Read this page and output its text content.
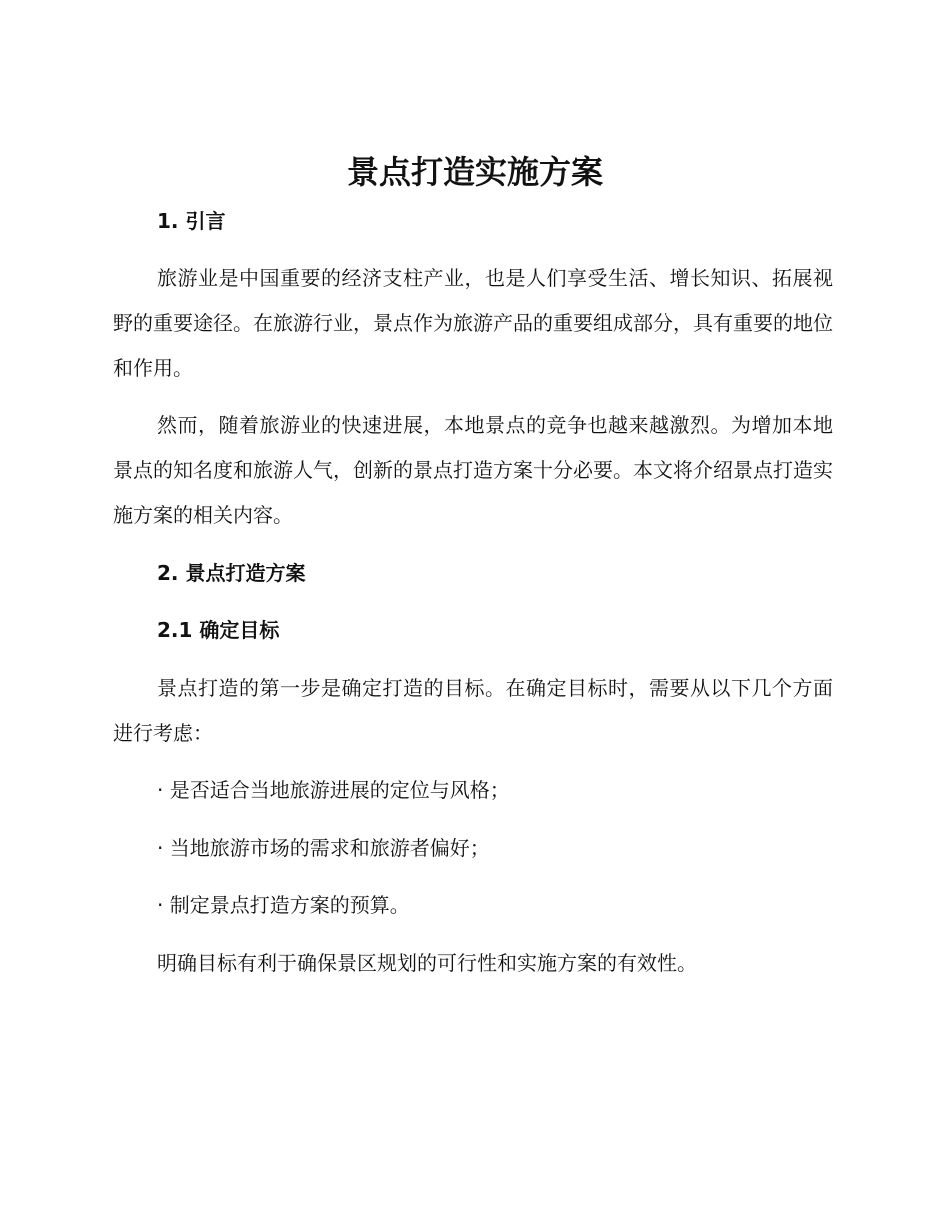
景点打造实施方案
1. 引言

旅游业是中国重要的经济支柱产业，也是人们享受生活、增长知识、拓展视野的重要途径。在旅游行业，景点作为旅游产品的重要组成部分，具有重要的地位和作用。

然而，随着旅游业的快速进展，本地景点的竞争也越来越激烈。为增加本地景点的知名度和旅游人气，创新的景点打造方案十分必要。本文将介绍景点打造实施方案的相关内容。

2. 景点打造方案
2.1 确定目标

景点打造的第一步是确定打造的目标。在确定目标时，需要从以下几个方面进行考虑：

· 是否适合当地旅游进展的定位与风格；

· 当地旅游市场的需求和旅游者偏好；

· 制定景点打造方案的预算。

明确目标有利于确保景区规划的可行性和实施方案的有效性。
